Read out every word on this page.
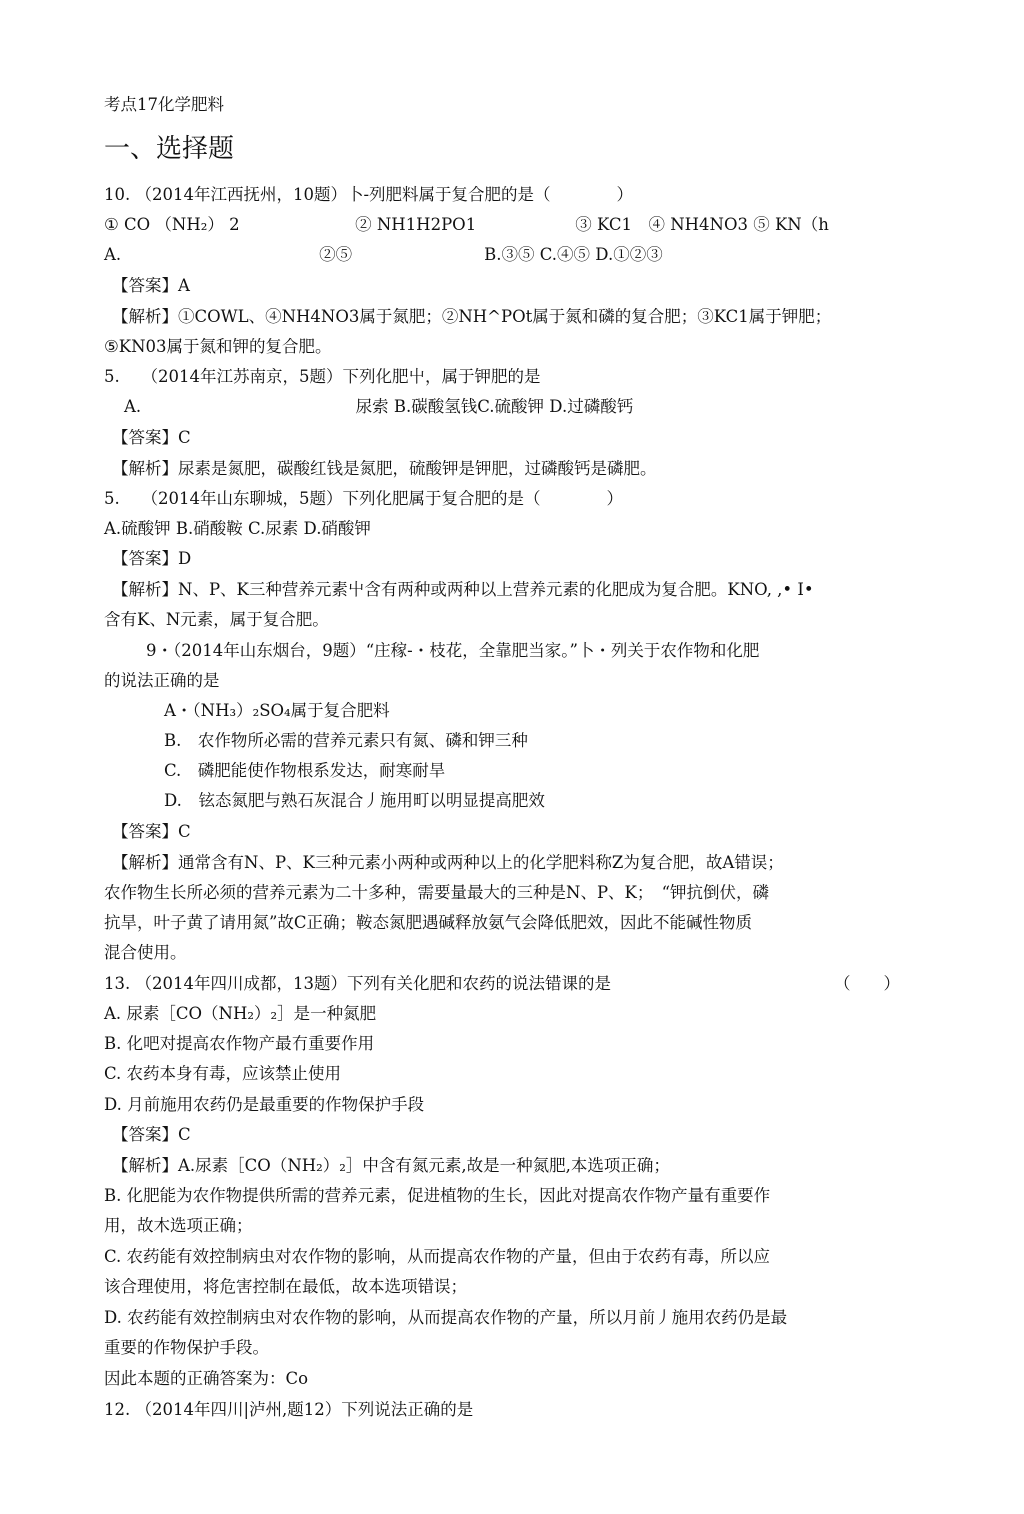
考点17化学肥料
一、选择题
10. （2014年江西抚州，10题）卜-列肥料属于复合肥的是（　　　　）
① CO （NH₂） 2　　　　　　　② NH1H2PO1　　　　　　③ KC1　④ NH4NO3 ⑤ KN（h
A.　　　　　　　　　　　　②⑤　　　　　　　　B.③⑤ C.④⑤ D.①②③
【答案】A
【解析】①COWL、④NH4NO3属于氮肥；②NH^POt属于氮和磷的复合肥；③KC1属于钾肥；
⑤KN03属于氮和钾的复合肥。
5.　 （2014年江苏南京，5题）下列化肥屮，属于钾肥的是
A.　　　　　　　　　　　　　尿索 B.碳酸氢钱C.硫酸钾 D.过磷酸钙
【答案】C
【解析】尿素是氮肥，碳酸红钱是氮肥，硫酸钾是钾肥，过磷酸钙是磷肥。
5.　 （2014年山东聊城，5题）下列化肥属于复合肥的是（　　　　）
A.硫酸钾 B.硝酸鞍 C.尿素 D.硝酸钾
【答案】D
【解析】N、P、K三种营养元素屮含有两种或两种以上营养元素的化肥成为复合肥。KNO, ,• I•
含有K、N元素，属于复合肥。
9・（2014年山东烟台，9题）“庄稼-・枝花，全靠肥当家。”卜・列关于农作物和化肥
的说法正确的是
A・（NH₃）₂SO₄属于复合肥料
B.　农作物所必需的营养元素只有氮、磷和钾三种
C.　磷肥能使作物根系发达，耐寒耐旱
D.　铉态氮肥与熟石灰混合丿施用町以明显提高肥效
【答案】C
【解析】通常含有N、P、K三种元素小两种或两种以上的化学肥料称Z为复合肥，故A错误；
农作物生长所必须的营养元素为二十多种，需要量最大的三种是N、P、K；　“钾抗倒伏，磷
抗旱，叶子黄了请用氮”故C正确；鞍态氮肥遇碱释放氨气会降低肥效，因此不能碱性物质
混合使用。
13. （2014年四川成都，13题）下列有关化肥和农药的说法错课的是	（　　）
A. 尿素［CO（NH₂）₂］是一种氮肥
B. 化吧对提高农作物产最冇重要作用
C. 农药本身有毒，应该禁止使用
D. 月前施用农药仍是最重要的作物保护手段
【答案】C
【解析】A.尿素［CO（NH₂）₂］中含有氮元素,故是一种氮肥,本选项正确；
B. 化肥能为农作物提供所需的营养元素，促进植物的生长，因此对提高农作物产量有重要作
用，故木选项正确；
C. 农药能有效控制病虫对农作物的影响，从而提高农作物的产量，但由于农药有毒，所以应
该合理使用，将危害控制在最低，故本选项错误；
D. 农药能有效控制病虫对农作物的影响，从而提高农作物的产量，所以月前丿施用农药仍是最
重要的作物保护手段。
因此本题的正确答案为：Co
12. （2014年四川|泸州,题12）下列说法正确的是
